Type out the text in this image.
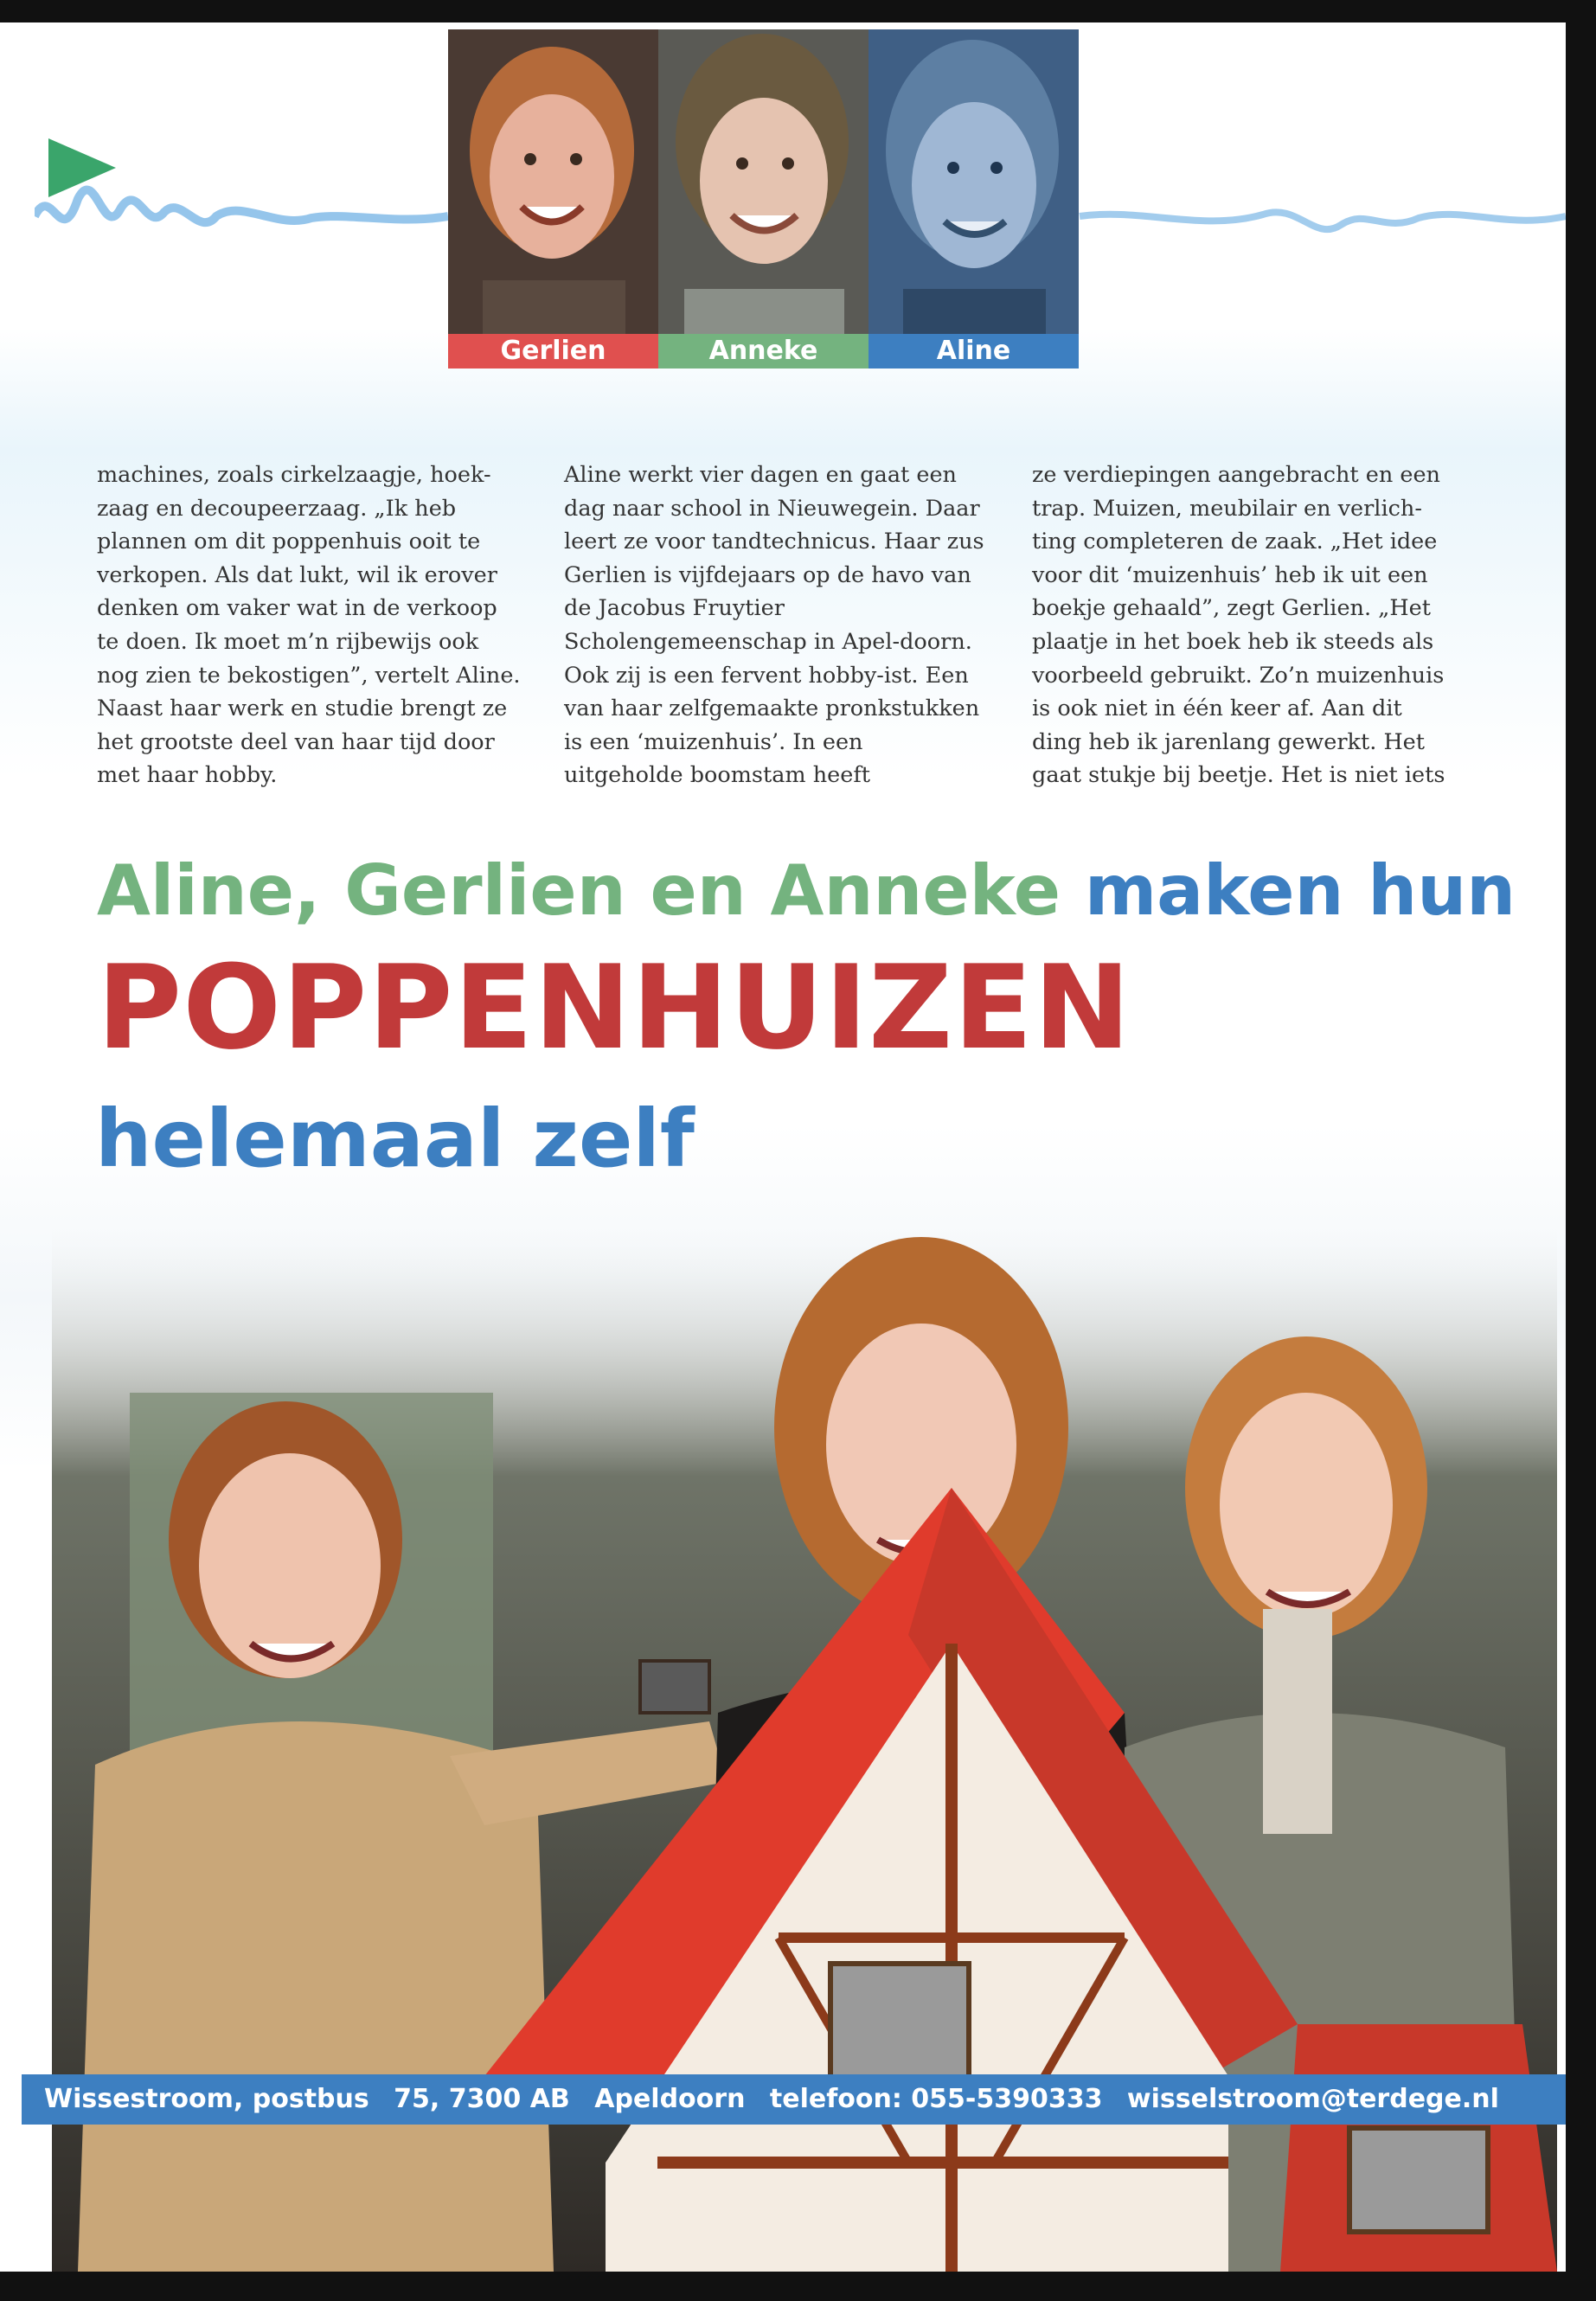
Gerlien	Anneke	Aline

machines, zoals cirkelzaagje, hoek-zaag en decoupeerzaag. „Ik heb plannen om dit poppenhuis ooit te verkopen. Als dat lukt, wil ik erover denken om vaker wat in de verkoop te doen. Ik moet m’n rijbewijs ook nog zien te bekostigen”, vertelt Aline. Naast haar werk en studie brengt ze het grootste deel van haar tijd door met haar hobby.

Aline werkt vier dagen en gaat een dag naar school in Nieuwegein. Daar leert ze voor tandtechnicus. Haar zus Gerlien is vijfdejaars op de havo van de Jacobus Fruytier Scholengemeenschap in Apel-doorn. Ook zij is een fervent hobby-ist. Een van haar zelfgemaakte pronkstukken is een ‘muizenhuis’. In een uitgeholde boomstam heeft

ze verdiepingen aangebracht en een trap. Muizen, meubilair en verlich-ting completeren de zaak. „Het idee voor dit ‘muizenhuis’ heb ik uit een boekje gehaald”, zegt Gerlien. „Het plaatje in het boek heb ik steeds als voorbeeld gebruikt. Zo’n muizenhuis is ook niet in één keer af. Aan dit ding heb ik jarenlang gewerkt. Het gaat stukje bij beetje. Het is niet iets

Aline, Gerlien en Anneke maken hun
POPPENHUIZEN
helemaal zelf
Wissestroom, postbus 75, 7300 AB Apeldoorn telefoon: 055-5390333 wisselstroom@terdege.nl
